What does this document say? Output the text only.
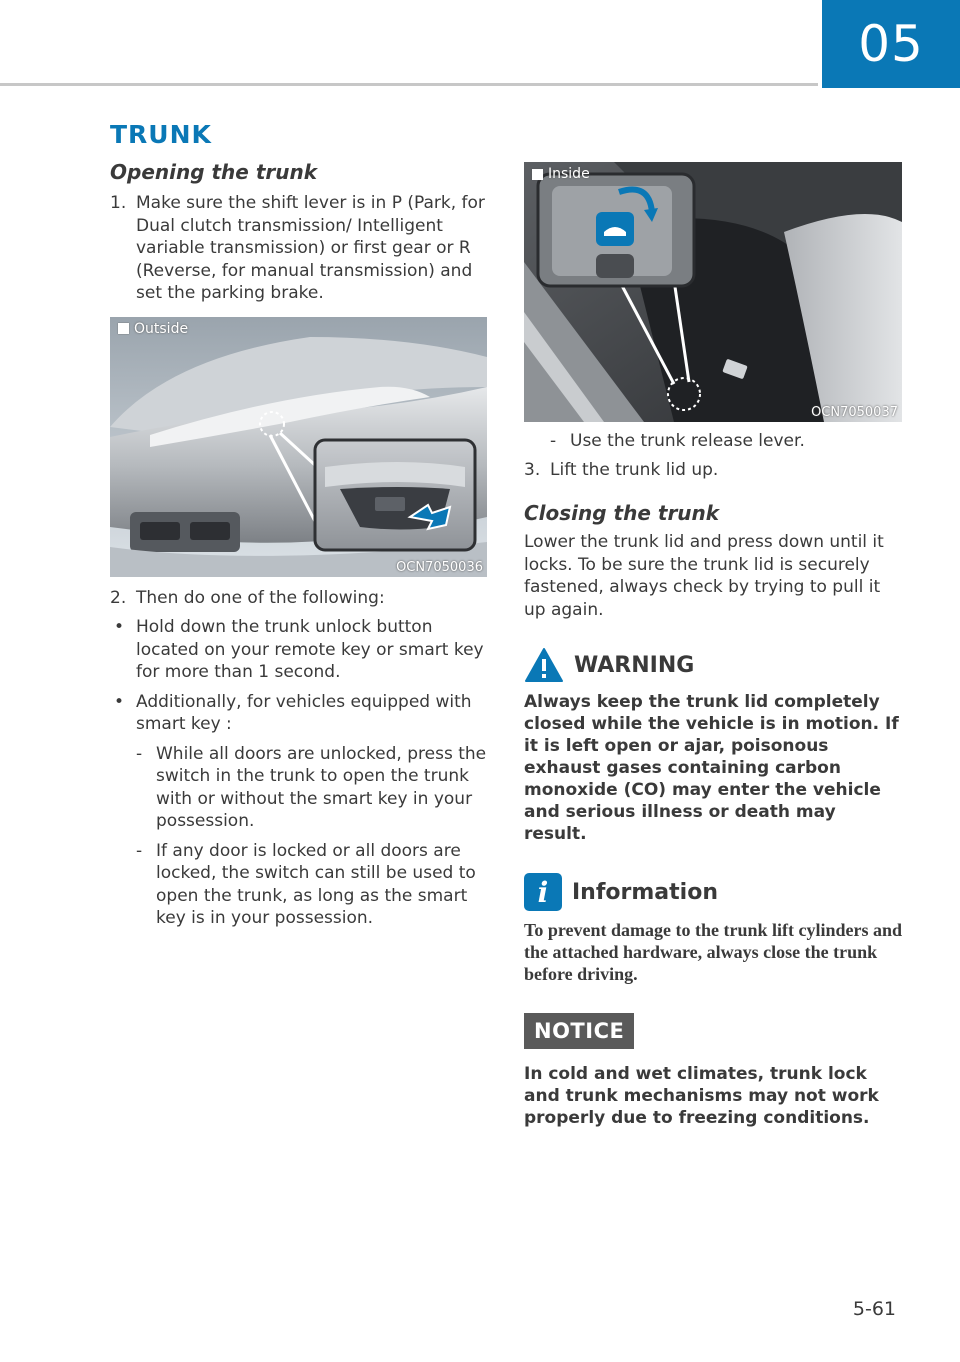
05
TRUNK
Opening the trunk
1. Make sure the shift lever is in P (Park, for Dual clutch transmission/ Intelligent variable transmission) or first gear or R (Reverse, for manual transmission) and set the parking brake.
Outside
OCN7050036
2. Then do one of the following:
• Hold down the trunk unlock button located on your remote key or smart key for more than 1 second.
• Additionally, for vehicles equipped with smart key :
- While all doors are unlocked, press the switch in the trunk to open the trunk with or without the smart key in your possession.
- If any door is locked or all doors are locked, the switch can still be used to open the trunk, as long as the smart key is in your possession.
Inside
OCN7050037
- Use the trunk release lever.
3. Lift the trunk lid up.
Closing the trunk
Lower the trunk lid and press down until it locks. To be sure the trunk lid is securely fastened, always check by trying to pull it up again.
WARNING
Always keep the trunk lid completely closed while the vehicle is in motion. If it is left open or ajar, poisonous exhaust gases containing carbon monoxide (CO) may enter the vehicle and serious illness or death may result.
i	Information
To prevent damage to the trunk lift cylinders and the attached hardware, always close the trunk before driving.
NOTICE
In cold and wet climates, trunk lock and trunk mechanisms may not work properly due to freezing conditions.
5-61
